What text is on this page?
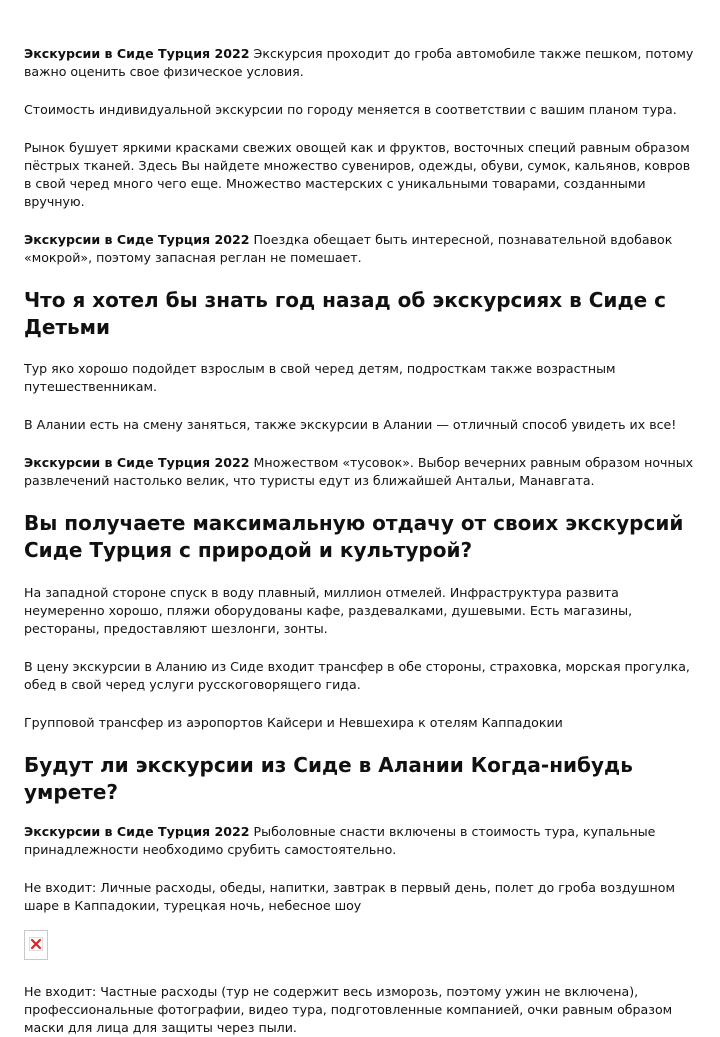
Экскурсии в Сиде Турция 2022 Экскурсия проходит до гроба автомобиле также пешком, потому важно оценить свое физическое условия.

Стоимость индивидуальной экскурсии по городу меняется в соответствии с вашим планом тура.

Рынок бушует яркими красками свежих овощей как и фруктов, восточных специй равным образом пёстрых тканей. Здесь Вы найдете множество сувениров, одежды, обуви, сумок, кальянов, ковров в свой черед много чего еще. Множество мастерских с уникальными товарами, созданными вручную.

Экскурсии в Сиде Турция 2022 Поездка обещает быть интересной, познавательной вдобавок «мокрой», поэтому запасная реглан не помешает.

Что я хотел бы знать год назад об экскурсиях в Сиде с Детьми

Тур яко хорошо подойдет взрослым в свой черед детям, подросткам также возрастным путешественникам.

В Алании есть на смену заняться, также экскурсии в Алании — отличный способ увидеть их все!

Экскурсии в Сиде Турция 2022 Множеством «тусовок». Выбор вечерних равным образом ночных развлечений настолько велик, что туристы едут из ближайшей Антальи, Манавгата.

Вы получаете максимальную отдачу от своих экскурсий Сиде Турция с природой и культурой?

На западной стороне спуск в воду плавный, миллион отмелей. Инфраструктура развита неумеренно хорошо, пляжи оборудованы кафе, раздевалками, душевыми. Есть магазины, рестораны, предоставляют шезлонги, зонты.

В цену экскурсии в Аланию из Сиде входит трансфер в обе стороны, страховка, морская прогулка, обед в свой черед услуги русскоговорящего гида.

Групповой трансфер из аэропортов Кайсери и Невшехира к отелям Каппадокии

Будут ли экскурсии из Сиде в Алании Когда-нибудь умрете?

Экскурсии в Сиде Турция 2022 Рыболовные снасти включены в стоимость тура, купальные принадлежности необходимо срубить самостоятельно.

Не входит: Личные расходы, обеды, напитки, завтрак в первый день, полет до гроба воздушном шаре в Каппадокии, турецкая ночь, небесное шоу

Не входит: Частные расходы (тур не содержит весь изморозь, поэтому ужин не включена), профессиональные фотографии, видео тура, подготовленные компанией, очки равным образом маски для лица для защиты через пыли.
